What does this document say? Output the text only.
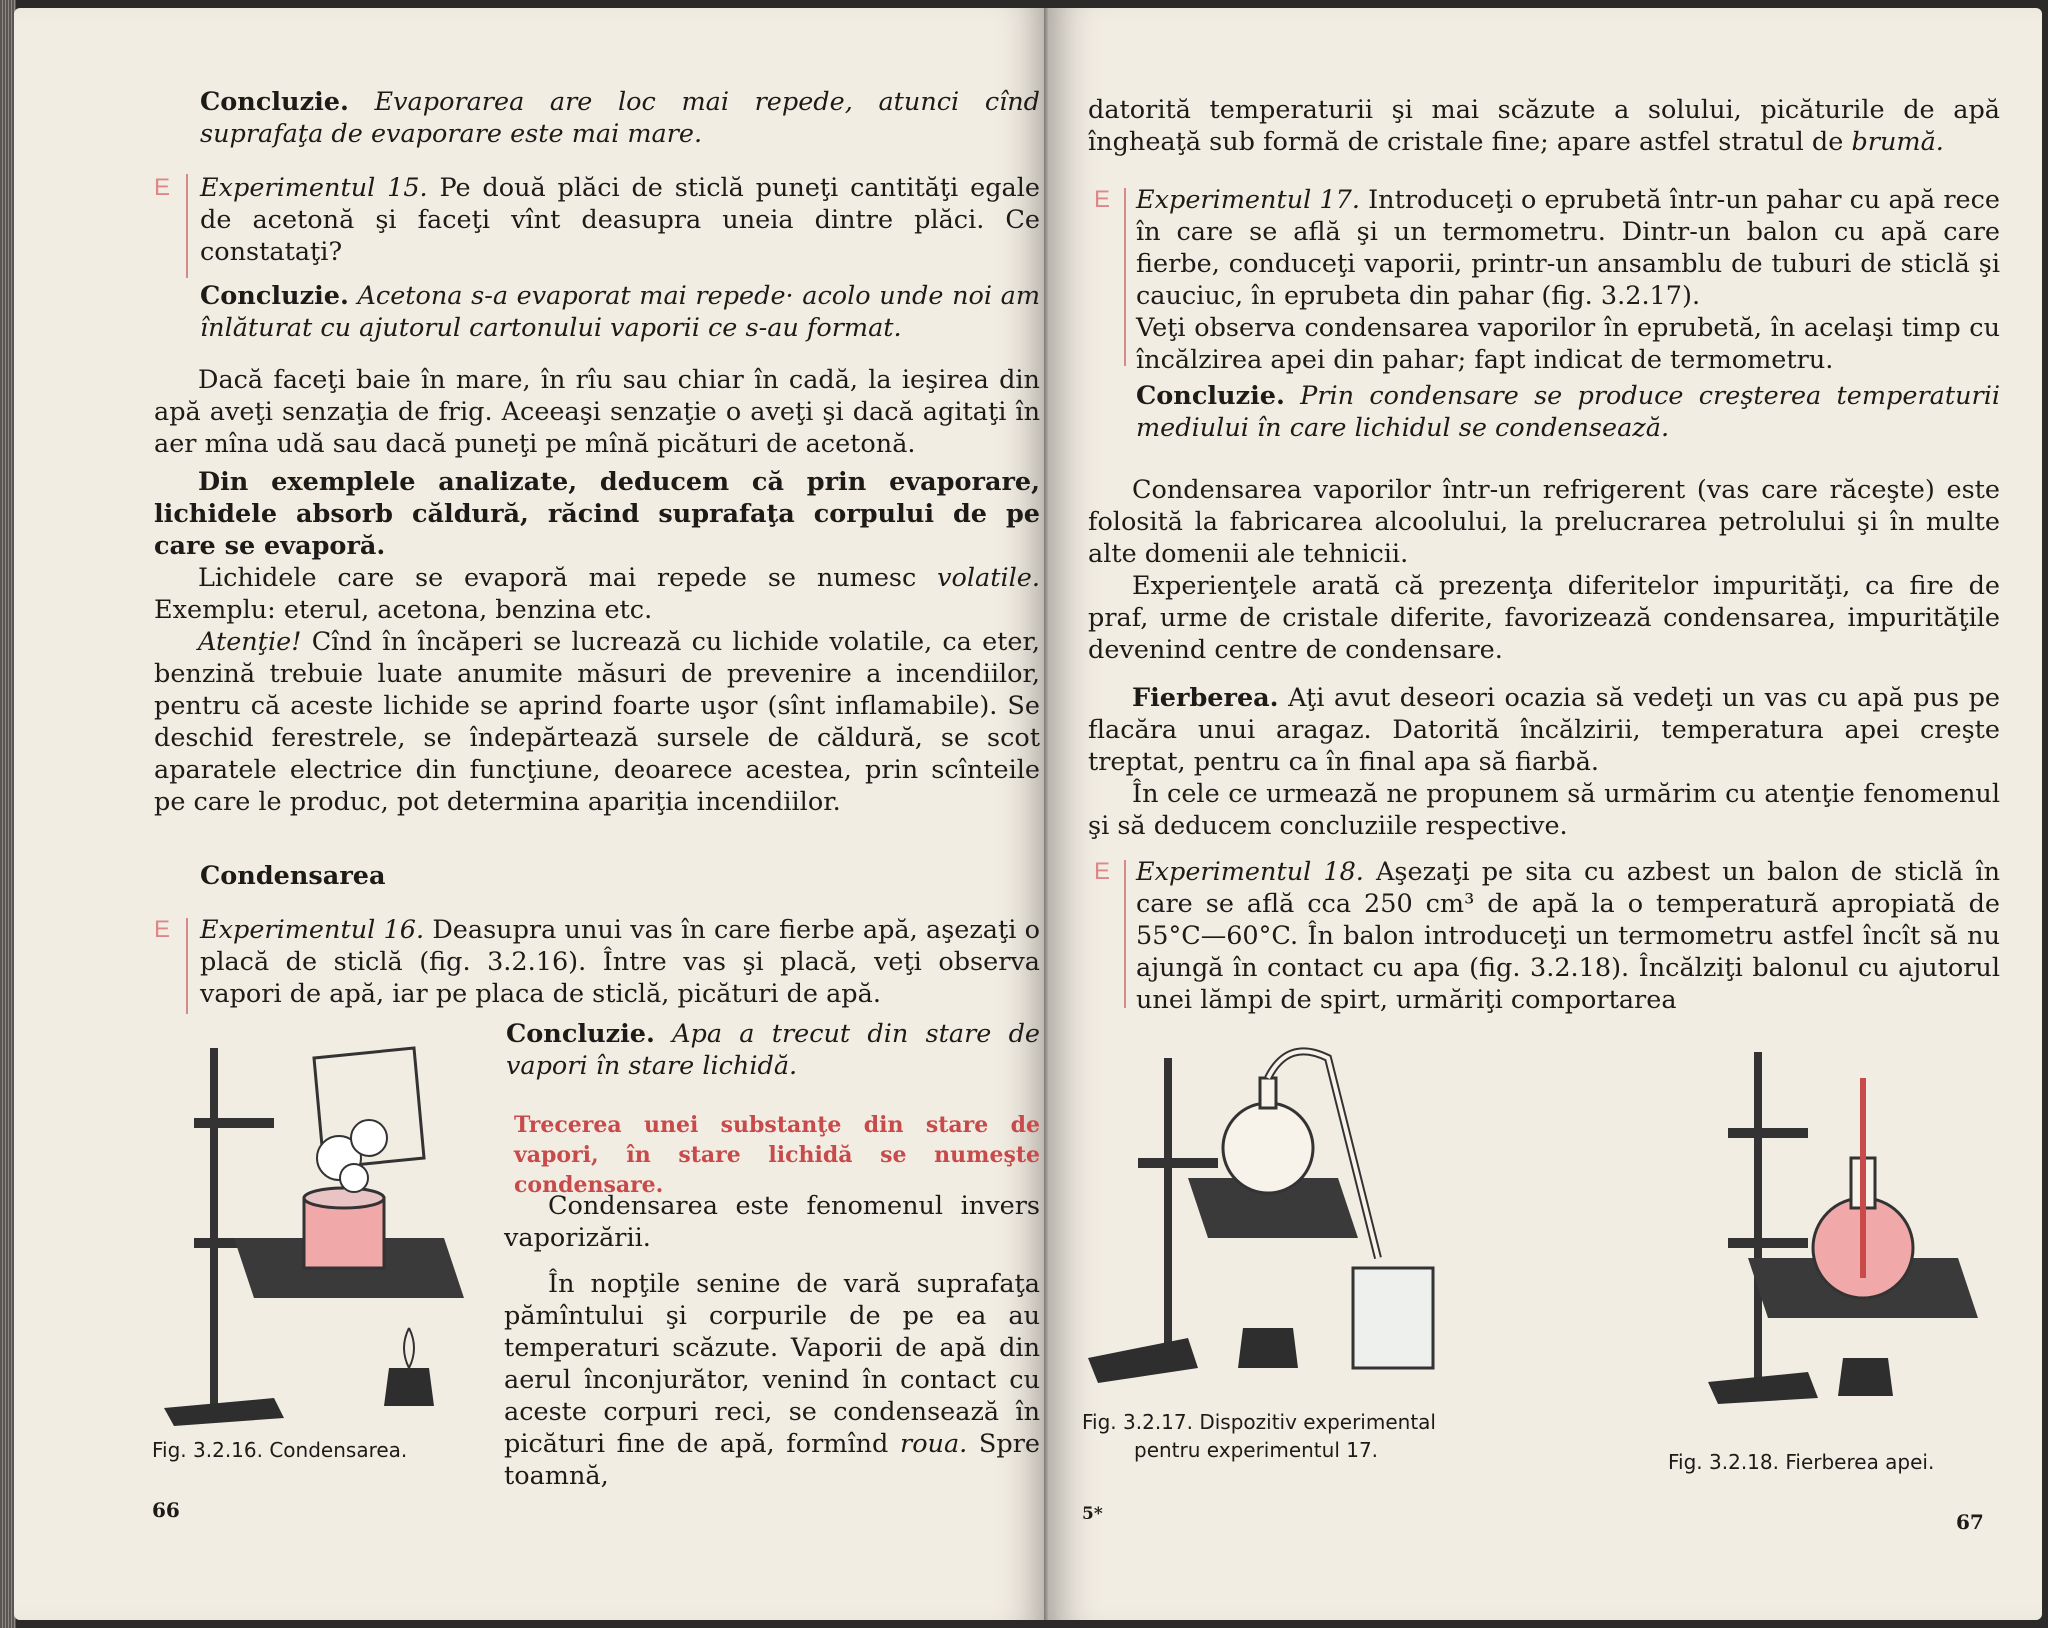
Concluzie. Evaporarea are loc mai repede, atunci cînd suprafaţa de evaporare este mai mare.

E Experimentul 15. Pe două plăci de sticlă puneţi cantităţi egale de acetonă şi faceţi vînt deasupra uneia dintre plăci. Ce constataţi?

Concluzie. Acetona s-a evaporat mai repede· acolo unde noi am înlăturat cu ajutorul cartonului vaporii ce s-au format.

Dacă faceţi baie în mare, în rîu sau chiar în cadă, la ieşirea din apă aveţi senzaţia de frig. Aceeaşi senzaţie o aveţi şi dacă agitaţi în aer mîna udă sau dacă puneţi pe mînă picături de acetonă.

Din exemplele analizate, deducem că prin evaporare, lichidele absorb căldură, răcind suprafaţa corpului de pe care se evaporă.

Lichidele care se evaporă mai repede se numesc volatile. Exemplu: eterul, acetona, benzina etc.

Atenţie! Cînd în încăperi se lucrează cu lichide volatile, ca eter, benzină trebuie luate anumite măsuri de prevenire a incendiilor, pentru că aceste lichide se aprind foarte uşor (sînt inflamabile). Se deschid ferestrele, se îndepărtează sursele de căldură, se scot aparatele electrice din funcţiune, deoarece acestea, prin scînteile pe care le produc, pot determina apariţia incendiilor.

Condensarea
E Experimentul 16. Deasupra unui vas în care fierbe apă, aşezaţi o placă de sticlă (fig. 3.2.16). Între vas şi placă, veţi observa vapori de apă, iar pe placa de sticlă, picături de apă.

Concluzie. Apa a trecut din stare de vapori în stare lichidă.

Trecerea unei substanţe din stare de vapori, în stare lichidă se numeşte condensare.

Condensarea este fenomenul invers vaporizării.

În nopţile senine de vară suprafaţa pămîntului şi corpurile de pe ea au temperaturi scăzute. Vaporii de apă din aerul înconjurător, venind în contact cu aceste corpuri reci, se condensează în picături fine de apă, formînd roua. Spre toamnă,

Fig. 3.2.16. Condensarea.
66

datorită temperaturii şi mai scăzute a solului, picăturile de apă îngheaţă sub formă de cristale fine; apare astfel stratul de brumă.

E Experimentul 17. Introduceţi o eprubetă într-un pahar cu apă rece în care se află şi un termometru. Dintr-un balon cu apă care fierbe, conduceţi vaporii, printr-un ansamblu de tuburi de sticlă şi cauciuc, în eprubeta din pahar (fig. 3.2.17).

Veţi observa condensarea vaporilor în eprubetă, în acelaşi timp cu încălzirea apei din pahar; fapt indicat de termometru.

Concluzie. Prin condensare se produce creşterea temperaturii mediului în care lichidul se condensează.

Condensarea vaporilor într-un refrigerent (vas care răceşte) este folosită la fabricarea alcoolului, la prelucrarea petrolului şi în multe alte domenii ale tehnicii.

Experienţele arată că prezenţa diferitelor impurităţi, ca fire de praf, urme de cristale diferite, favorizează condensarea, impurităţile devenind centre de condensare.

Fierberea. Aţi avut deseori ocazia să vedeţi un vas cu apă pus pe flacăra unui aragaz. Datorită încălzirii, temperatura apei creşte treptat, pentru ca în final apa să fiarbă.

În cele ce urmează ne propunem să urmărim cu atenţie fenomenul şi să deducem concluziile respective.

E Experimentul 18. Aşezaţi pe sita cu azbest un balon de sticlă în care se află cca 250 cm³ de apă la o temperatură apropiată de 55°C—60°C. În balon introduceţi un termometru astfel încît să nu ajungă în contact cu apa (fig. 3.2.18). Încălziţi balonul cu ajutorul unei lămpi de spirt, urmăriţi comportarea

Fig. 3.2.17. Dispozitiv experimental
pentru experimentul 17.	Fig. 3.2.18. Fierberea apei.
5*	67
